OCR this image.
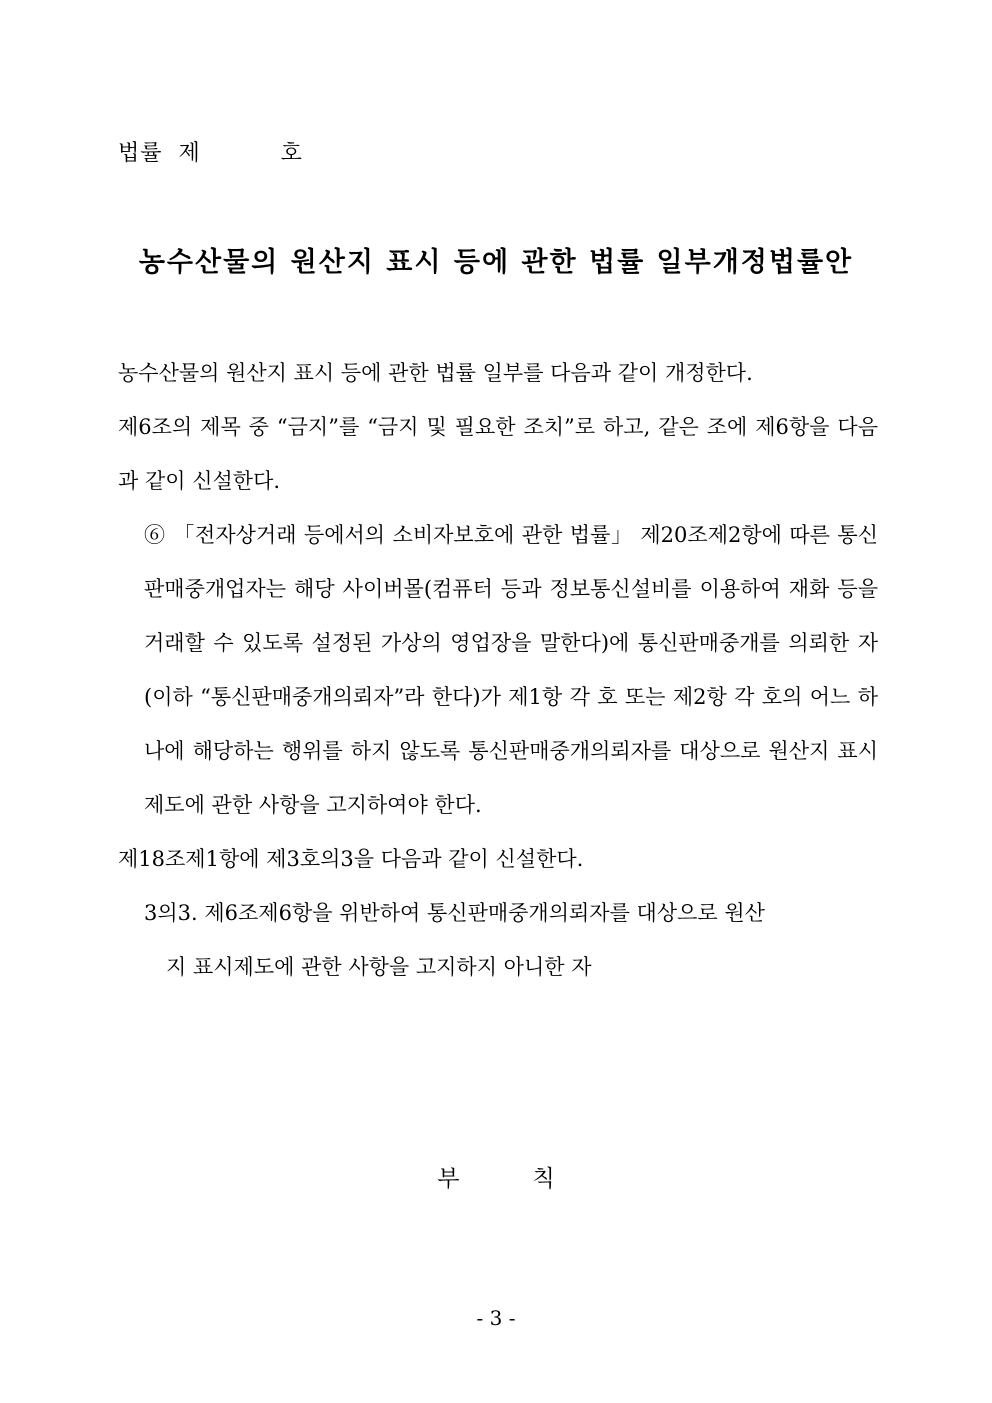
법률  제          호
농수산물의 원산지 표시 등에 관한 법률 일부개정법률안

농수산물의 원산지 표시 등에 관한 법률 일부를 다음과 같이 개정한다.

제6조의 제목 중 “금지”를 “금지 및 필요한 조치”로 하고, 같은 조에 제6항을 다음과 같이 신설한다.

⑥ 「전자상거래 등에서의 소비자보호에 관한 법률」 제20조제2항에 따른 통신판매중개업자는 해당 사이버몰(컴퓨터 등과 정보통신설비를 이용하여 재화 등을 거래할 수 있도록 설정된 가상의 영업장을 말한다)에 통신판매중개를 의뢰한 자(이하 “통신판매중개의뢰자”라 한다)가 제1항 각 호 또는 제2항 각 호의 어느 하나에 해당하는 행위를 하지 않도록 통신판매중개의뢰자를 대상으로 원산지 표시제도에 관한 사항을 고지하여야 한다.

제18조제1항에 제3호의3을 다음과 같이 신설한다.

3의3. 제6조제6항을 위반하여 통신판매중개의뢰자를 대상으로 원산
지 표시제도에 관한 사항을 고지하지 아니한 자

부          칙
- 3 -
